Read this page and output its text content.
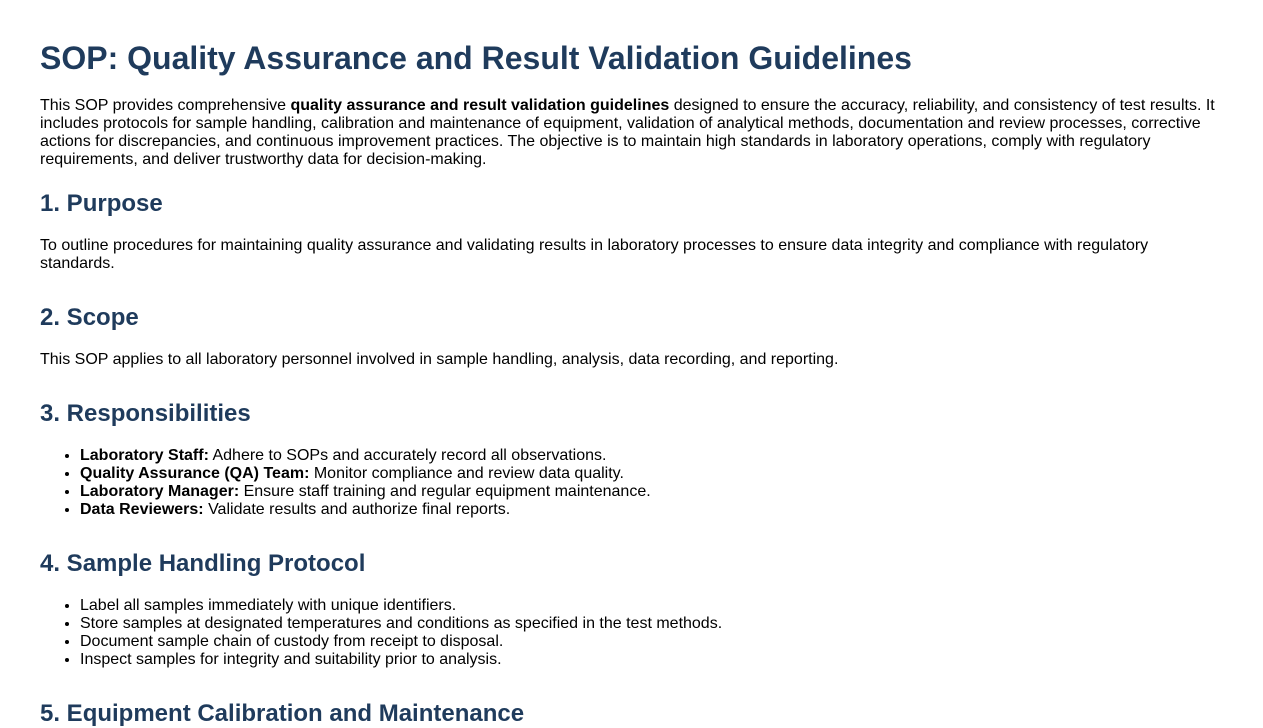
SOP: Quality Assurance and Result Validation Guidelines

This SOP provides comprehensive quality assurance and result validation guidelines designed to ensure the accuracy, reliability, and consistency of test results. It includes protocols for sample handling, calibration and maintenance of equipment, validation of analytical methods, documentation and review processes, corrective actions for discrepancies, and continuous improvement practices. The objective is to maintain high standards in laboratory operations, comply with regulatory requirements, and deliver trustworthy data for decision-making.

1. Purpose

To outline procedures for maintaining quality assurance and validating results in laboratory processes to ensure data integrity and compliance with regulatory standards.

2. Scope

This SOP applies to all laboratory personnel involved in sample handling, analysis, data recording, and reporting.

3. Responsibilities
• Laboratory Staff: Adhere to SOPs and accurately record all observations.
• Quality Assurance (QA) Team: Monitor compliance and review data quality.
• Laboratory Manager: Ensure staff training and regular equipment maintenance.
• Data Reviewers: Validate results and authorize final reports.
4. Sample Handling Protocol
• Label all samples immediately with unique identifiers.
• Store samples at designated temperatures and conditions as specified in the test methods.
• Document sample chain of custody from receipt to disposal.
• Inspect samples for integrity and suitability prior to analysis.
5. Equipment Calibration and Maintenance
